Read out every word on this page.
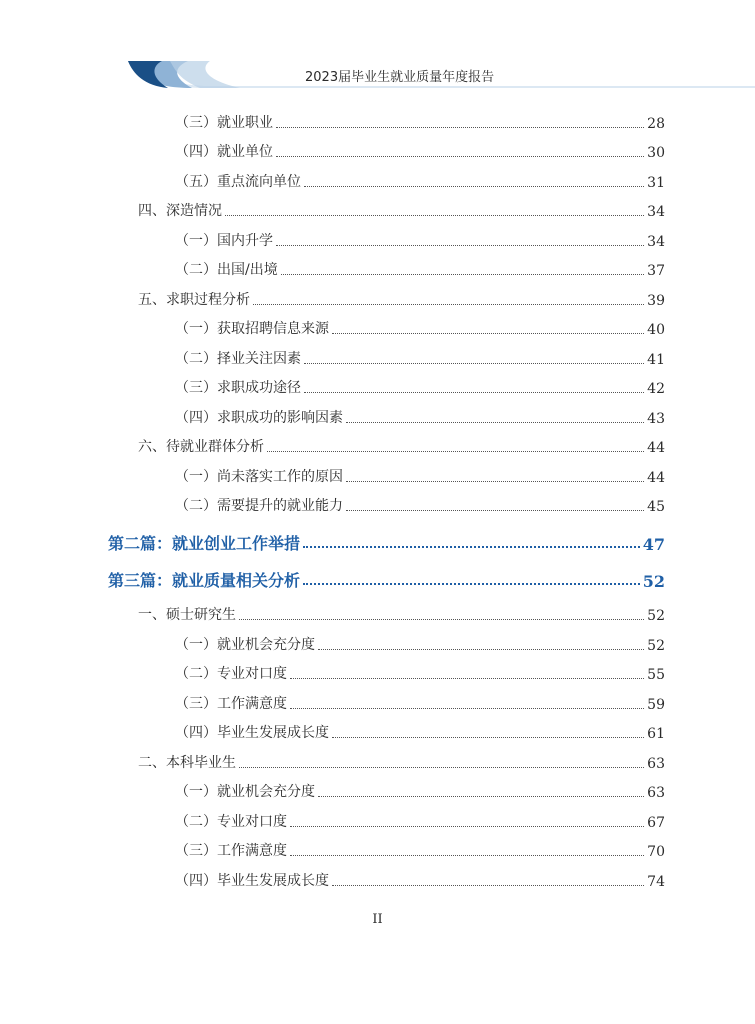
2023届毕业生就业质量年度报告
（三）就业职业	28
（四）就业单位	30
（五）重点流向单位	31
四、深造情况	34
（一）国内升学	34
（二）出国/出境	37
五、求职过程分析	39
（一）获取招聘信息来源	40
（二）择业关注因素	41
（三）求职成功途径	42
（四）求职成功的影响因素	43
六、待就业群体分析	44
（一）尚未落实工作的原因	44
（二）需要提升的就业能力	45
第二篇：就业创业工作举措	47
第三篇：就业质量相关分析	52
一、硕士研究生	52
（一）就业机会充分度	52
（二）专业对口度	55
（三）工作满意度	59
（四）毕业生发展成长度	61
二、本科毕业生	63
（一）就业机会充分度	63
（二）专业对口度	67
（三）工作满意度	70
（四）毕业生发展成长度	74
II
